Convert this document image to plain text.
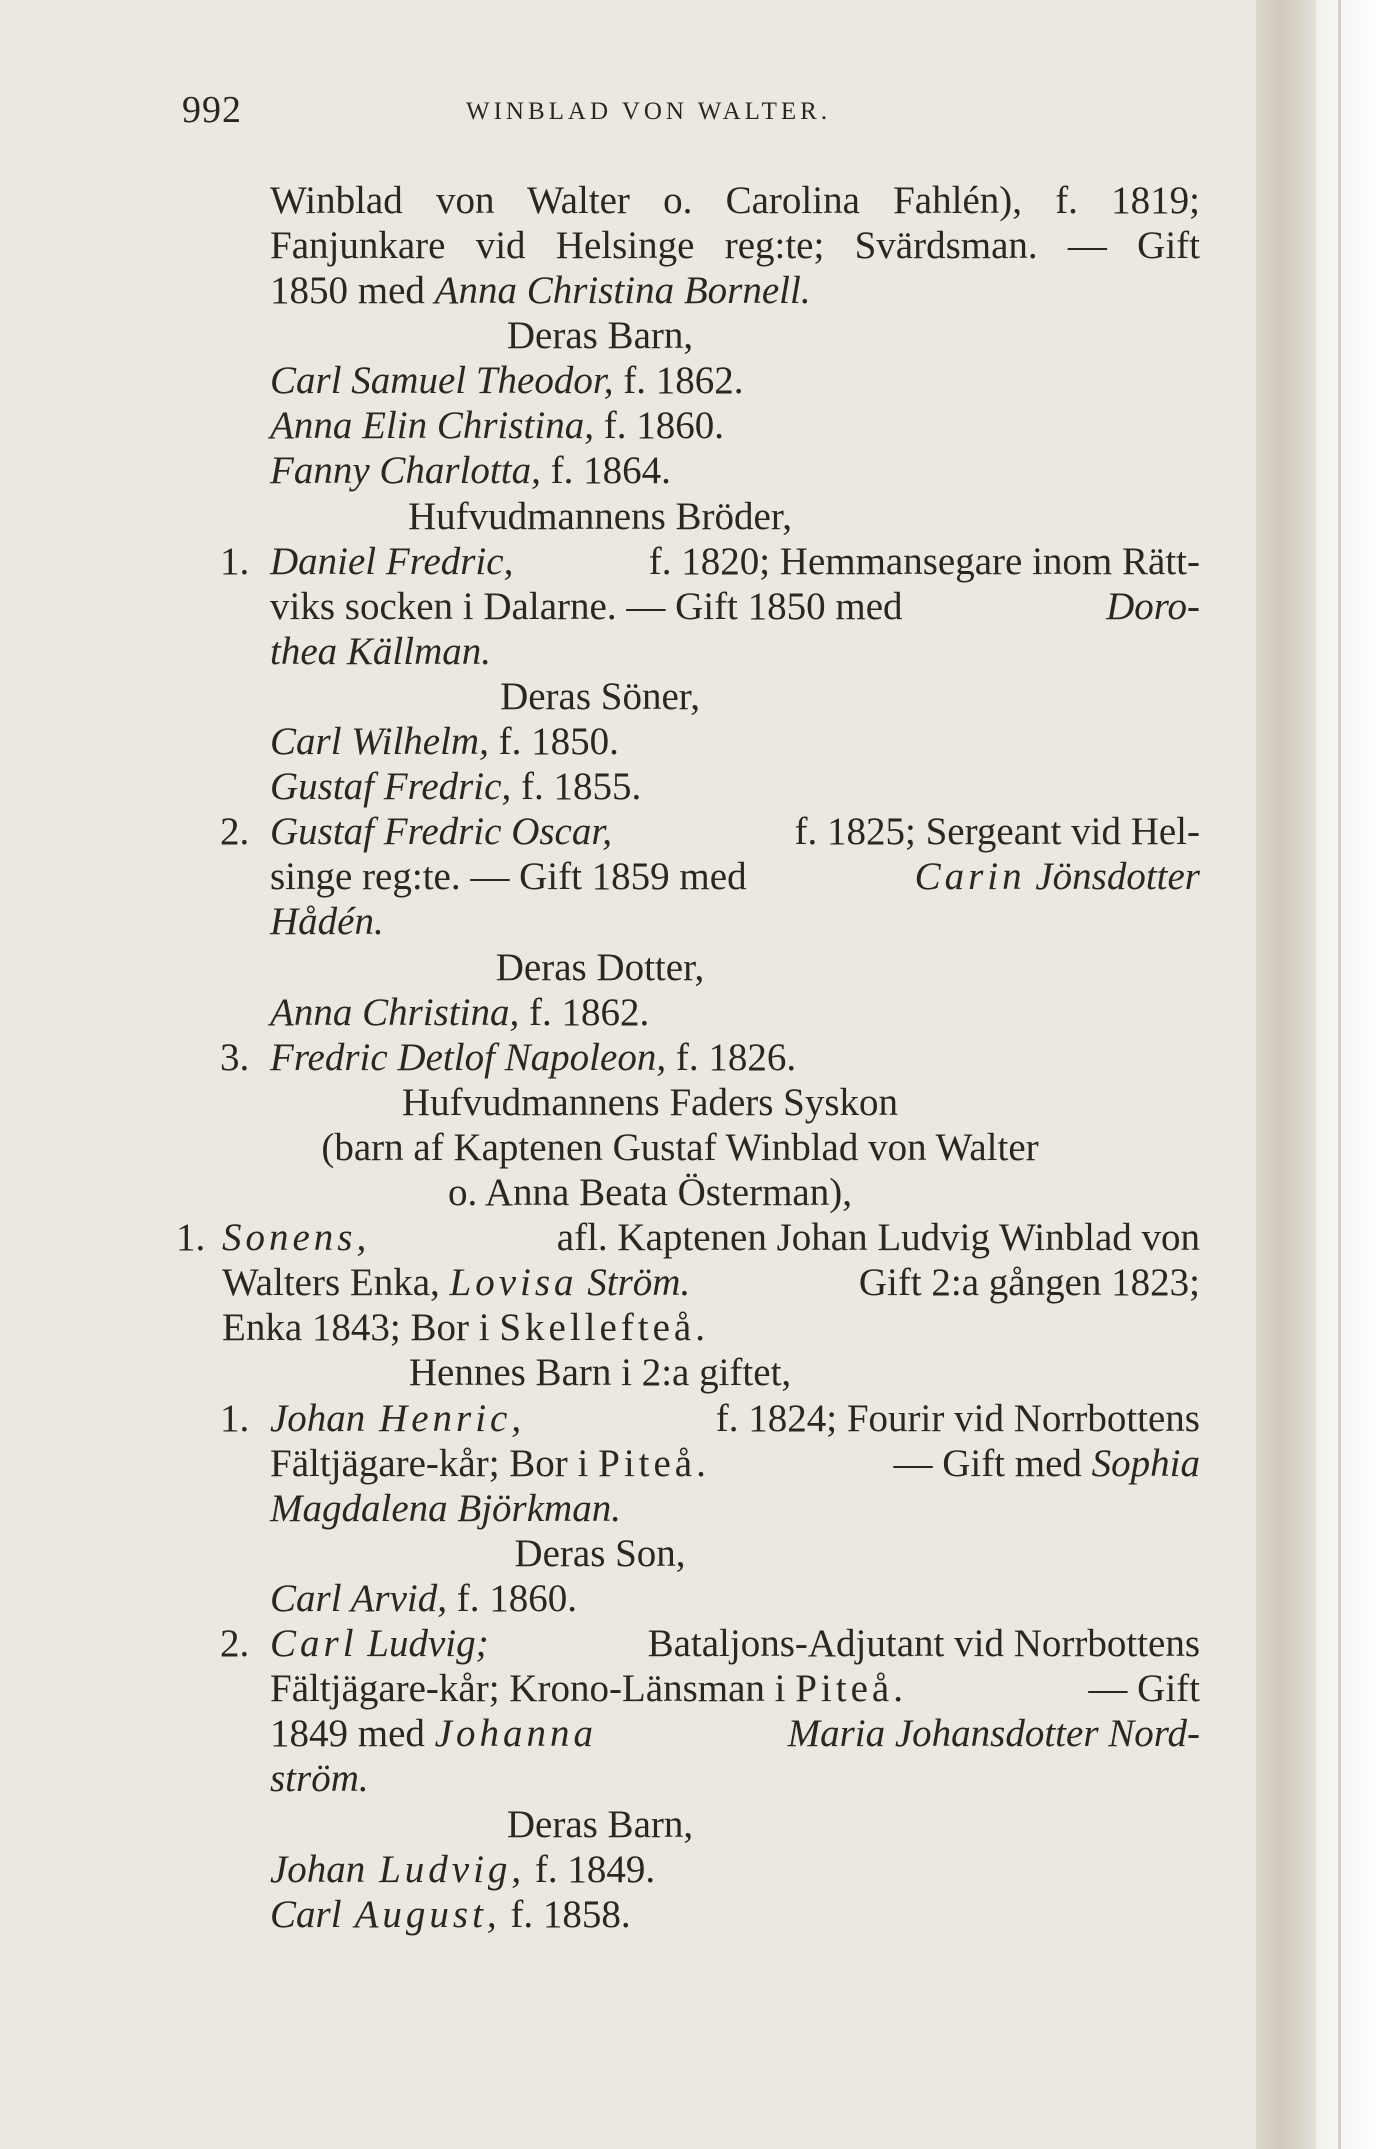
992	WINBLAD VON WALTER.
Winblad von Walter o. Carolina Fahlén), f. 1819;
Fanjunkare vid Helsinge reg:te; Svärdsman. — Gift
1850 med Anna Christina Bornell.
Deras Barn,
Carl Samuel Theodor, f. 1862.
Anna Elin Christina, f. 1860.
Fanny Charlotta, f. 1864.
Hufvudmannens Bröder,
1. Daniel Fredric,	f. 1820; Hemmansegare inom Rätt-
viks socken i Dalarne. — Gift 1850 med	Doro-
thea Källman.
Deras Söner,
Carl Wilhelm, f. 1850.
Gustaf Fredric, f. 1855.
2. Gustaf Fredric Oscar,	f. 1825; Sergeant vid Hel-
singe reg:te. — Gift 1859 med	Carin Jönsdotter
Hådén.
Deras Dotter,
Anna Christina, f. 1862.
3. Fredric Detlof Napoleon, f. 1826.
Hufvudmannens Faders Syskon
(barn af Kaptenen Gustaf Winblad von Walter
o. Anna Beata Österman),
1. Sonens,	afl. Kaptenen Johan Ludvig Winblad von
Walters Enka, Lovisa Ström.	Gift 2:a gången 1823;
Enka 1843; Bor i Skellefteå.
Hennes Barn i 2:a giftet,
1. Johan Henric,	f. 1824; Fourir vid Norrbottens
Fältjägare-kår; Bor i Piteå.	— Gift med Sophia
Magdalena Björkman.
Deras Son,
Carl Arvid, f. 1860.
2. Carl Ludvig;	Bataljons-Adjutant vid Norrbottens
Fältjägare-kår; Krono-Länsman i Piteå.	— Gift
1849 med Johanna	Maria Johansdotter Nord-
ström.
Deras Barn,
Johan Ludvig, f. 1849.
Carl August, f. 1858.
